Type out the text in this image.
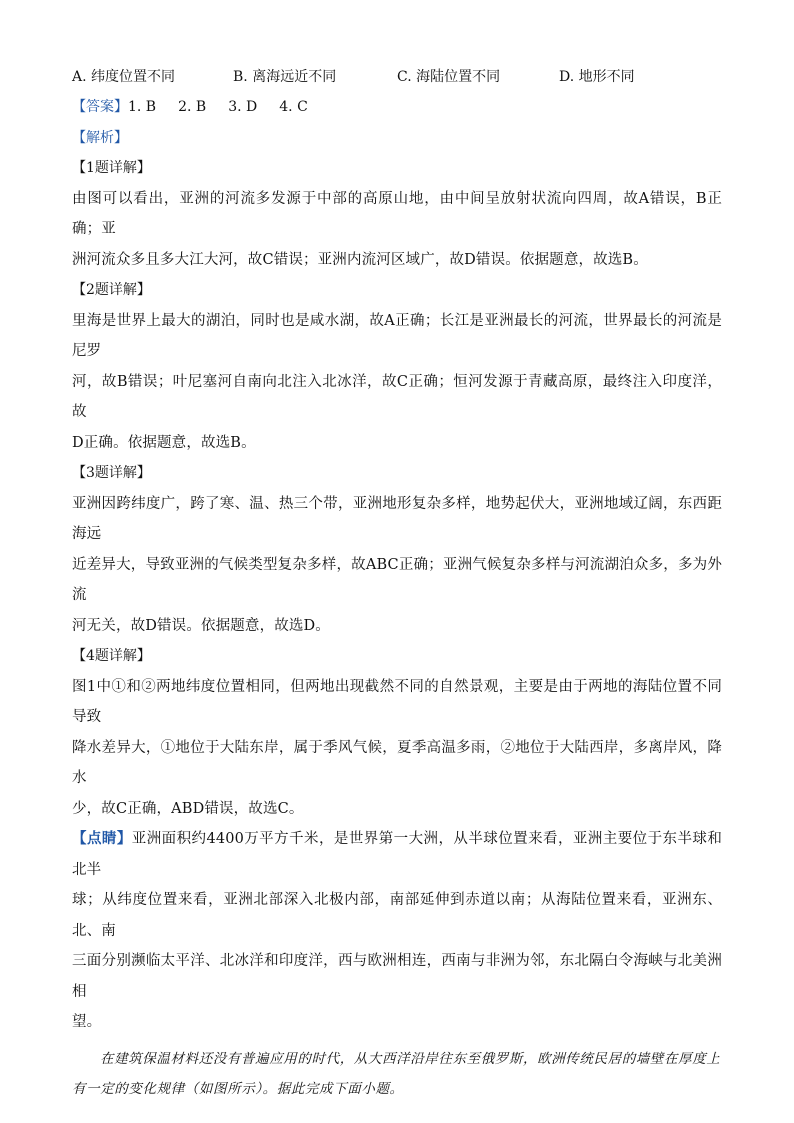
A. 纬度位置不同	B. 离海远近不同	C. 海陆位置不同	D. 地形不同
【答案】1. B 2. B 3. D 4. C
【解析】
【1题详解】
由图可以看出，亚洲的河流多发源于中部的高原山地，由中间呈放射状流向四周，故A错误，B正确；亚
洲河流众多且多大江大河，故C错误；亚洲内流河区域广，故D错误。依据题意，故选B。
【2题详解】
里海是世界上最大的湖泊，同时也是咸水湖，故A正确；长江是亚洲最长的河流，世界最长的河流是尼罗
河，故B错误；叶尼塞河自南向北注入北冰洋，故C正确；恒河发源于青藏高原，最终注入印度洋，故
D正确。依据题意，故选B。
【3题详解】
亚洲因跨纬度广，跨了寒、温、热三个带，亚洲地形复杂多样，地势起伏大，亚洲地域辽阔，东西距海远
近差异大，导致亚洲的气候类型复杂多样，故ABC正确；亚洲气候复杂多样与河流湖泊众多，多为外流
河无关，故D错误。依据题意，故选D。
【4题详解】
图1中①和②两地纬度位置相同，但两地出现截然不同的自然景观，主要是由于两地的海陆位置不同导致
降水差异大，①地位于大陆东岸，属于季风气候，夏季高温多雨，②地位于大陆西岸，多离岸风，降水
少，故C正确，ABD错误，故选C。
【点睛】亚洲面积约4400万平方千米，是世界第一大洲，从半球位置来看，亚洲主要位于东半球和北半
球；从纬度位置来看，亚洲北部深入北极内部，南部延伸到赤道以南；从海陆位置来看，亚洲东、北、南
三面分别濒临太平洋、北冰洋和印度洋，西与欧洲相连，西南与非洲为邻，东北隔白令海峡与北美洲相
望。
在建筑保温材料还没有普遍应用的时代，从大西洋沿岸往东至俄罗斯，欧洲传统民居的墙壁在厚度上
有一定的变化规律（如图所示）。据此完成下面小题。
